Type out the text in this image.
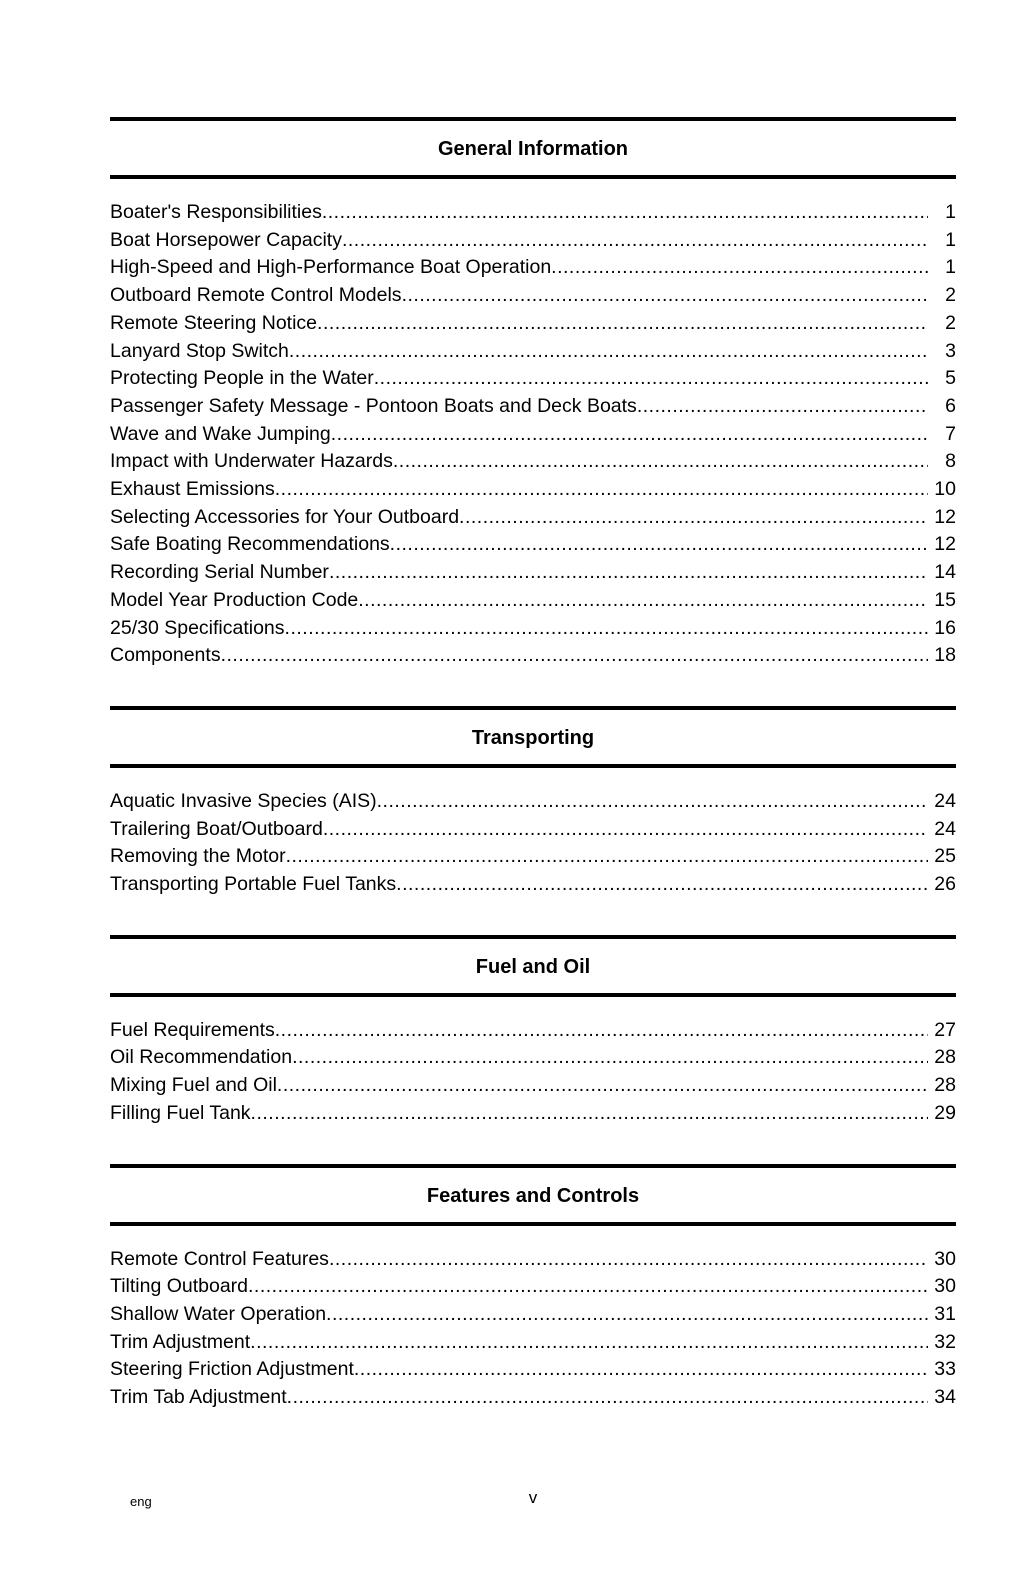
General Information
Boater's Responsibilities .....	1
Boat Horsepower Capacity .....	1
High-Speed and High-Performance Boat Operation .....	1
Outboard Remote Control Models .....	2
Remote Steering Notice .....	2
Lanyard Stop Switch .....	3
Protecting People in the Water .....	5
Passenger Safety Message - Pontoon Boats and Deck Boats .....	6
Wave and Wake Jumping .....	7
Impact with Underwater Hazards .....	8
Exhaust Emissions .....	10
Selecting Accessories for Your Outboard .....	12
Safe Boating Recommendations .....	12
Recording Serial Number .....	14
Model Year Production Code .....	15
25/30 Specifications .....	16
Components .....	18
Transporting
Aquatic Invasive Species (AIS) .....	24
Trailering Boat/Outboard .....	24
Removing the Motor .....	25
Transporting Portable Fuel Tanks .....	26
Fuel and Oil
Fuel Requirements .....	27
Oil Recommendation .....	28
Mixing Fuel and Oil .....	28
Filling Fuel Tank .....	29
Features and Controls
Remote Control Features .....	30
Tilting Outboard .....	30
Shallow Water Operation .....	31
Trim Adjustment .....	32
Steering Friction Adjustment .....	33
Trim Tab Adjustment .....	34
eng	v
